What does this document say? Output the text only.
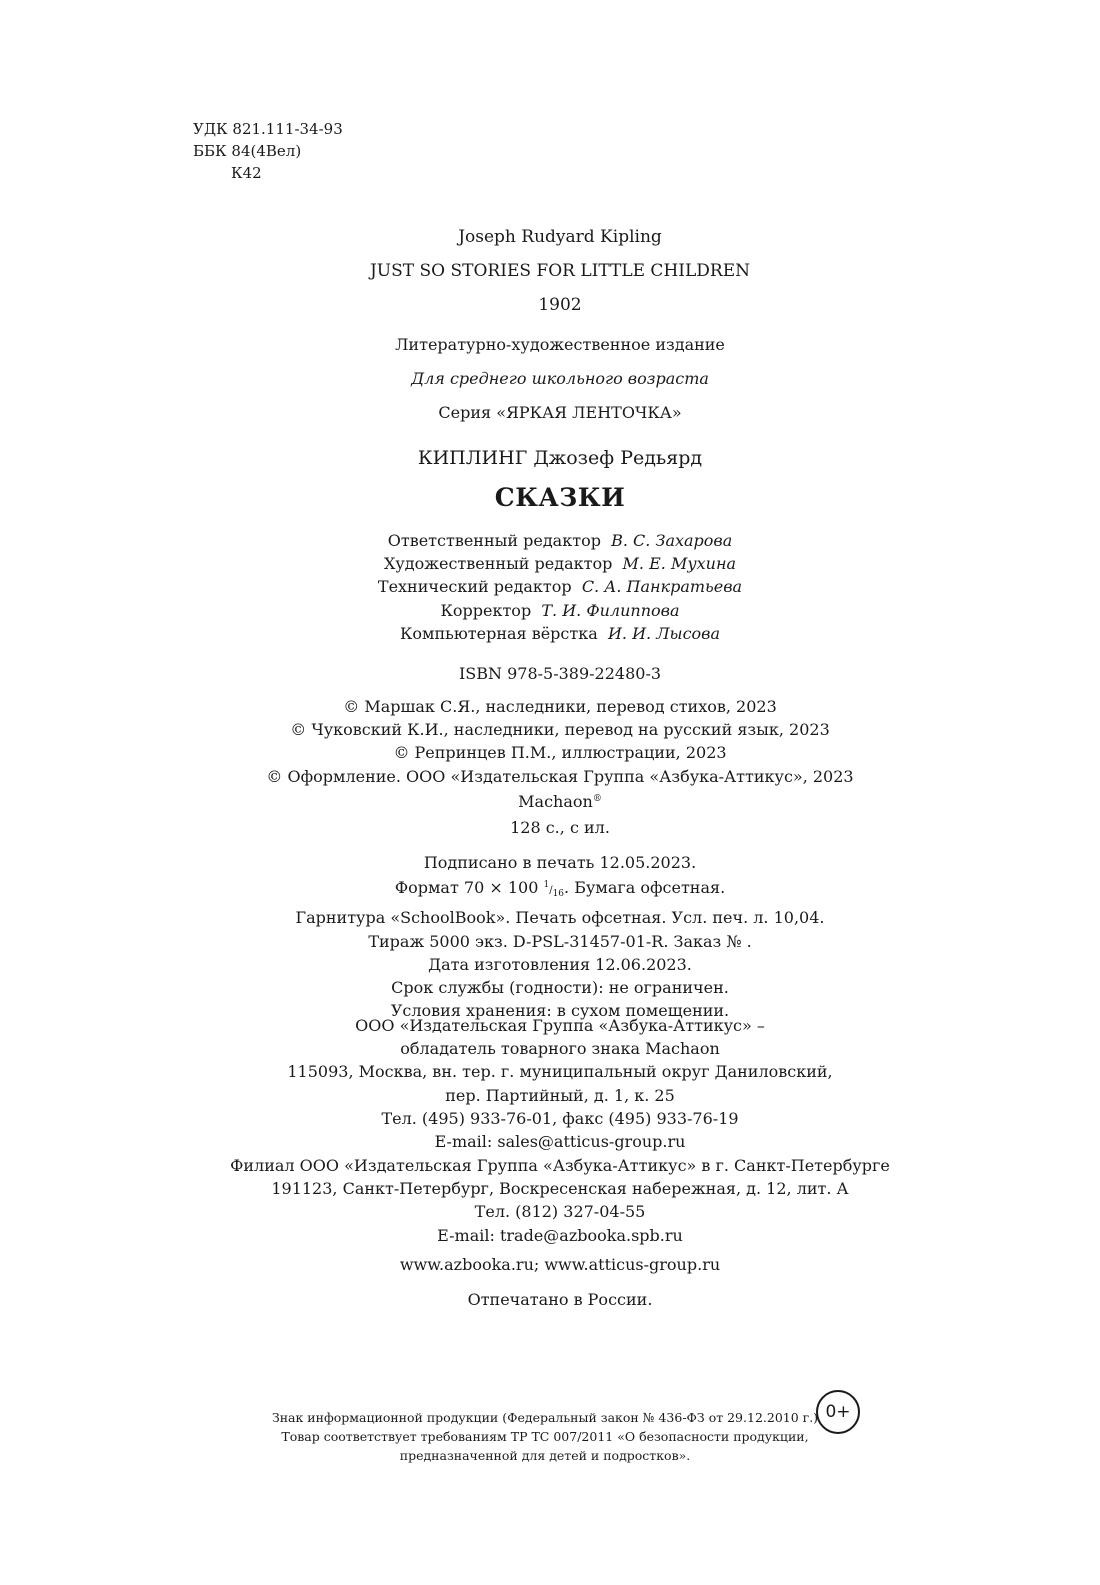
УДК 821.111-34-93
ББК 84(4Вел)
К42
Joseph Rudyard Kipling
JUST SO STORIES FOR LITTLE CHILDREN
1902
Литературно-художественное издание
Для среднего школьного возраста
Серия «ЯРКАЯ ЛЕНТОЧКА»
КИПЛИНГ Джозеф Редьярд
СКАЗКИ
Ответственный редактор В. С. Захарова
Художественный редактор М. Е. Мухина
Технический редактор С. А. Панкратьева
Корректор Т. И. Филиппова
Компьютерная вёрстка И. И. Лысова
ISBN 978-5-389-22480-3
© Маршак С.Я., наследники, перевод стихов, 2023
© Чуковский К.И., наследники, перевод на русский язык, 2023
© Репринцев П.М., иллюстрации, 2023
© Оформление. ООО «Издательская Группа «Азбука-Аттикус», 2023
Machaon®
128 с., с ил.
Подписано в печать 12.05.2023.
Формат 70 × 100 $^1/_{16}$. Бумага офсетная.
Гарнитура «SchoolBook». Печать офсетная. Усл. печ. л. 10,04.
Тираж 5000 экз. D-PSL-31457-01-R. Заказ № .
Дата изготовления 12.06.2023.
Срок службы (годности): не ограничен.
Условия хранения: в сухом помещении.
ООО «Издательская Группа «Азбука-Аттикус» –
обладатель товарного знака Machaon
115093, Москва, вн. тер. г. муниципальный округ Даниловский,
пер. Партийный, д. 1, к. 25
Тел. (495) 933-76-01, факс (495) 933-76-19
E-mail: sales@atticus-group.ru
Филиал ООО «Издательская Группа «Азбука-Аттикус» в г. Санкт-Петербурге
191123, Санкт-Петербург, Воскресенская набережная, д. 12, лит. А
Тел. (812) 327-04-55
E-mail: trade@azbooka.spb.ru
www.azbooka.ru; www.atticus-group.ru
Отпечатано в России.
Знак информационной продукции (Федеральный закон № 436-ФЗ от 29.12.2010 г.)
Товар соответствует требованиям ТР ТС 007/2011 «О безопасности продукции,
предназначенной для детей и подростков».
0+
